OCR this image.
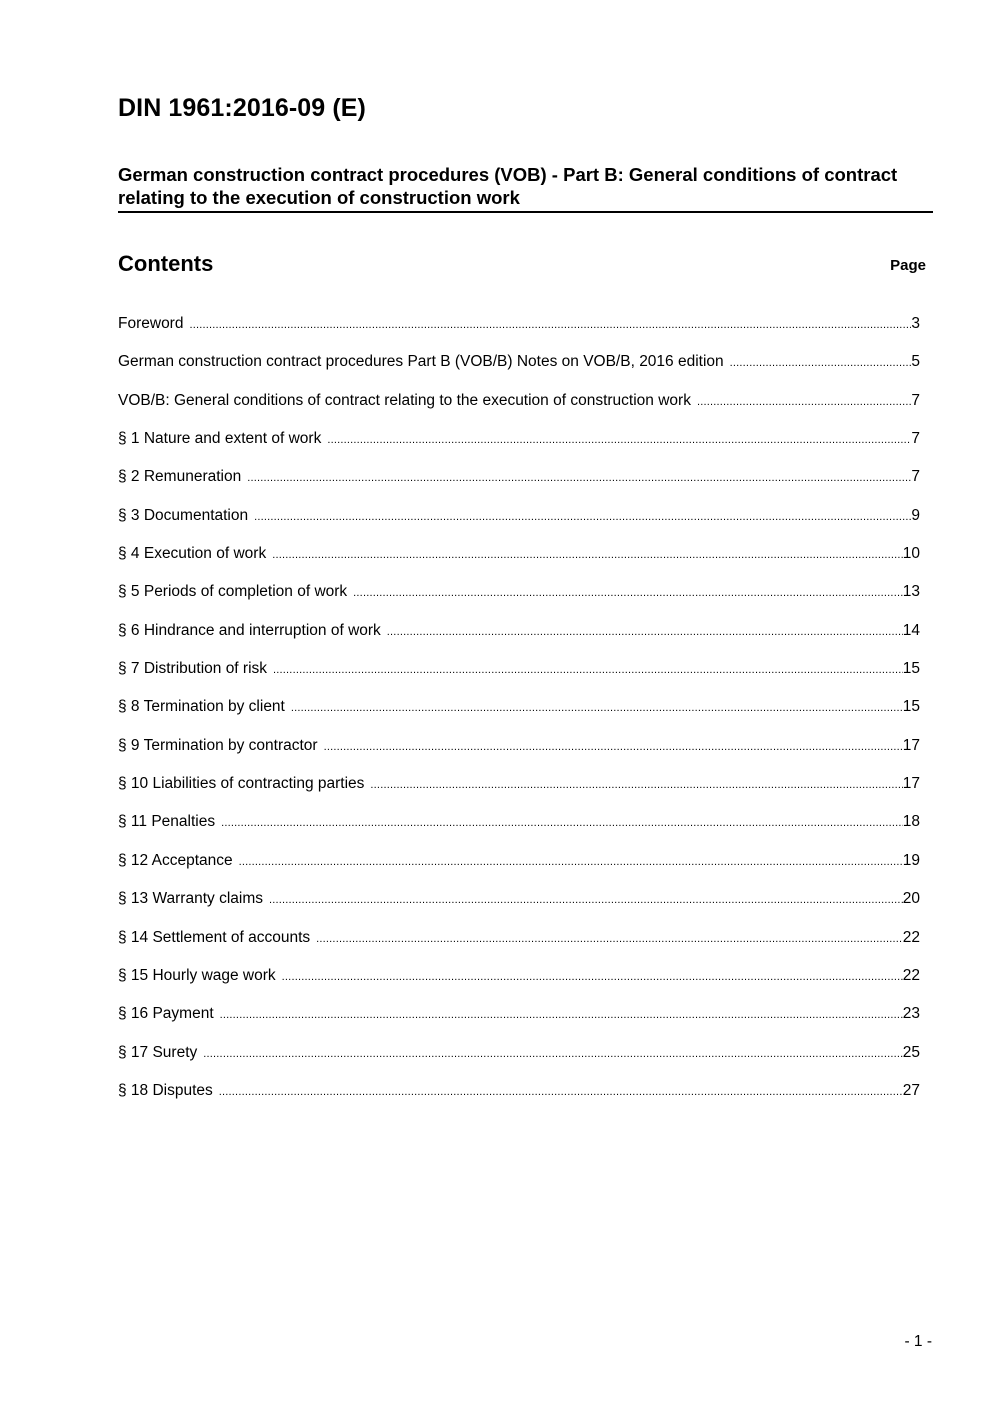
DIN 1961:2016-09 (E)
German construction contract procedures (VOB) - Part B: General conditions of contract relating to the execution of construction work
Contents	Page
Foreword .....	3
German construction contract procedures Part B (VOB/B) Notes on VOB/B, 2016 edition .....	5
VOB/B: General conditions of contract relating to the execution of construction work .....	7
§ 1 Nature and extent of work .....	7
§ 2 Remuneration .....	7
§ 3 Documentation .....	9
§ 4 Execution of work .....	10
§ 5 Periods of completion of work .....	13
§ 6 Hindrance and interruption of work .....	14
§ 7 Distribution of risk .....	15
§ 8 Termination by client .....	15
§ 9 Termination by contractor .....	17
§ 10 Liabilities of contracting parties .....	17
§ 11 Penalties .....	18
§ 12 Acceptance .....	19
§ 13 Warranty claims .....	20
§ 14 Settlement of accounts .....	22
§ 15 Hourly wage work .....	22
§ 16 Payment .....	23
§ 17 Surety .....	25
§ 18 Disputes .....	27
- 1 -
